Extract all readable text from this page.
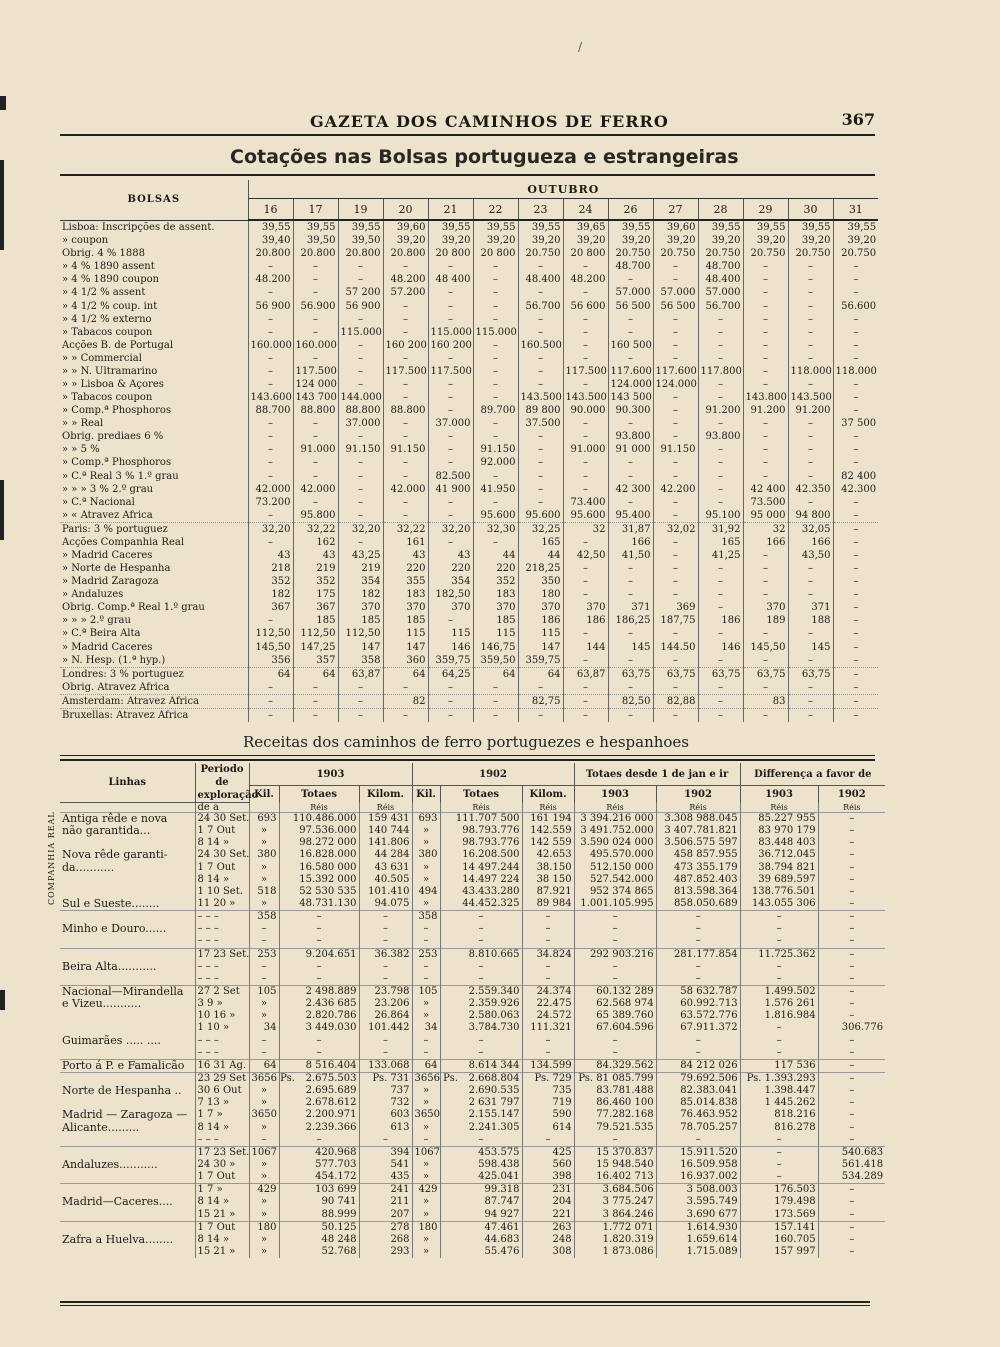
/
GAZETA DOS CAMINHOS DE FERRO	367
Cotações nas Bolsas portugueza e estrangeiras
BOLSAS	OUTUBRO													
	16	17	19	20	21	22	23	24	26	27	28	29	30	31
Lisboa: Inscripções de assent.	39,55	39,55	39,55	39,60	39,55	39,55	39,55	39,65	39,55	39,60	39,55	39,55	39,55	39,55
» coupon	39,40	39,50	39,50	39,20	39,20	39,20	39,20	39,20	39,20	39,20	39,20	39,20	39,20	39,20
Obrig. 4 % 1888	20.800	20.800	20.800	20.800	20 800	20 800	20.750	20 800	20.750	20.750	20.750	20.750	20.750	20.750
» 4 % 1890 assent	–	–	–	–	–	–	–	–	48.700	–	48.700	–	–	–
» 4 % 1890 coupon	48.200	–	–	48.200	48 400	–	48.400	48.200	–	–	48.400	–	–	–
» 4 1/2 % assent	–	–	57 200	57.200	–	–	–	–	57.000	57.000	57.000	–	–	–
» 4 1/2 % coup. int	56 900	56.900	56 900	–	–	–	56.700	56 600	56 500	56 500	56.700	–	–	56.600
» 4 1/2 % externo	–	–	–	–	–	–	–	–	–	–	–	–	–	–
» Tabacos coupon	–	–	115.000	–	115.000	115.000	–	–	–	–	–	–	–	–
Acções B. de Portugal	160.000	160.000	–	160 200	160 200	–	160.500	–	160 500	–	–	–	–	–
» » Commercial	–	–	–	–	–	–	–	–	–	–	–	–	–	–
» » N. Ultramarino	–	117.500	–	117.500	117.500	–	–	117.500	117.600	117.600	117.800	–	118.000	118.000
» » Lisboa & Açores	–	124 000	–	–	–	–	–	–	124.000	124.000	–	–	–	–
» Tabacos coupon	143.600	143 700	144.000	–	–	–	143.500	143.500	143 500	–	–	143.800	143.500	–
» Comp.ª Phosphoros	88.700	88.800	88.800	88.800	–	89.700	89 800	90.000	90.300	–	91.200	91.200	91.200	–
» » Real	–	–	37.000	–	37.000	–	37.500	–	–	–	–	–	–	37 500
Obrig. prediaes 6 %	–	–	–	–	–	–	–	–	93.800	–	93.800	–	–	–
» » 5 %	–	91.000	91.150	91.150	–	91.150	–	91.000	91 000	91.150	–	–	–	–
» Comp.ª Phosphoros	–	–	–	–	–	92.000	–	–	–	–	–	–	–	–
» C.ª Real 3 % 1.º grau	–	–	–	–	82.500	–	–	–	–	–	–	–	–	82 400
» » » 3 % 2.º grau	42.000	42.000	–	42.000	41 900	41.950	–	–	42 300	42.200	–	42 400	42.350	42.300
» C.ª Nacional	73.200	–	–	–	–	–	–	73.400	–	–	–	73.500	–	–
» « Atravez Africa	–	95.800	–	–	–	95.600	95.600	95.600	95.400	–	95.100	95 000	94 800	–
Paris: 3 % portuguez	32,20	32,22	32,20	32,22	32,20	32,30	32,25	32	31,87	32,02	31,92	32	32,05	–
Acções Companhia Real	–	162	–	161	–	–	165	–	166	–	165	166	166	–
» Madrid Caceres	43	43	43,25	43	43	44	44	42,50	41,50	–	41,25	–	43,50	–
» Norte de Hespanha	218	219	219	220	220	220	218,25	–	–	–	–	–	–	–
» Madrid Zaragoza	352	352	354	355	354	352	350	–	–	–	–	–	–	–
» Andaluzes	182	175	182	183	182,50	183	180	–	–	–	–	–	–	–
Obrig. Comp.ª Real 1.º grau	367	367	370	370	370	370	370	370	371	369	–	370	371	–
» » » 2.º grau	–	185	185	185	–	185	186	186	186,25	187,75	186	189	188	–
» C.ª Beira Alta	112,50	112,50	112,50	115	115	115	115	–	–	–	–	–	–	–
» Madrid Caceres	145,50	147,25	147	147	146	146,75	147	144	145	144.50	146	145,50	145	–
» N. Hesp. (1.ª hyp.)	356	357	358	360	359,75	359,50	359,75	–	–	–	–	–	–	–
Londres: 3 % portuguez	64	64	63,87	64	64,25	64	64	63,87	63,75	63,75	63,75	63,75	63,75	–
Obrig. Atravez Africa	–	–	–	–	–	–	–	–	–	–	–	–	–	–
Amsterdam: Atravez Africa	–	–	–	82	–	–	82,75	–	82,50	82,88	–	83	–	–
Bruxellas: Atravez Africa	–	–	–	–	–	–	–	–	–	–	–	–	–	–
Receitas dos caminhos de ferro portuguezes e hespanhoes
Linhas	Periodo de exploração	1903			1902			Totaes desde 1 de jan e ir		Differença a favor de	
		Kil.	Totaes	Kilom.	Kil.	Totaes	Kilom.	1903	1902	1903	1902

	de a		Réis	Réis		Réis	Réis	Réis	Réis	Réis	Réis
Antiga rêde e nova	24 30 Set.	693	110.486.000	159 431	693	111.707 500	161 194	3 394.216 000	3.308 988.045	85.227 955	–
não garantida...	1 7 Out	»	97.536.000	140 744	»	98.793.776	142.559	3 491.752.000	3 407.781.821	83 970 179	–
	8 14 »	»	98.272 000	141.806	»	98.793.776	142 559	3.590 024 000	3.506.575 597	83.448 403	–
Nova rêde garanti-	24 30 Set.	380	16.828.000	44 284	380	16.208.500	42.653	495.570.000	458 857.955	36.712.045	–
da...........	1 7 Out	»	16.580 000	43 631	»	14 497.244	38.150	512.150 000	473 355.179	38.794 821	–
	8 14 »	»	15.392 000	40.505	»	14.497 224	38 150	527.542.000	487.852.403	39 689.597	–
	1 10 Set.	518	52 530 535	101.410	494	43.433.280	87.921	952 374 865	813.598.364	138.776.501	–
Sul e Sueste........	11 20 »	»	48.731.130	94.075	»	44.452.325	89 984	1.001.105.995	858.050.689	143.055 306	–
	– – –	358	–	–	358	–	–	–	–	–	–
Minho e Douro......	– – –	–	–	–	–	–	–	–	–	–	–
	– – –	–	–	–	–	–	–	–	–	–	–
	17 23 Set.	253	9.204.651	36.382	253	8.810.665	34.824	292 903.216	281.177.854	11.725.362	–
Beira Alta...........	– – –	–	–	–	–	–	–	–	–	–	–
	– – –	–	–	–	–	–	–	–	–	–	–
Nacional—Mirandella	27 2 Set	105	2 498.889	23.798	105	2.559.340	24.374	60.132 289	58 632.787	1.499.502	–
e Vizeu...........	3 9 »	»	2.436 685	23.206	»	2.359.926	22.475	62.568 974	60.992.713	1.576 261	–
	10 16 »	»	2.820.786	26.864	»	2.580.063	24.572	65 389.760	63.572.776	1.816.984	–
	1 10 »	34	3 449.030	101.442	34	3.784.730	111.321	67.604.596	67.911.372	–	306.776
Guimarães ..... ....	– – –	–	–	–	–	–	–	–	–	–	–
	– – –	–	–	–	–	–	–	–	–	–	–
Porto á P. e Famalicão	16 31 Ag.	64	8 516.404	133.068	64	8.614 344	134.599	84.329.562	84 212 026	117 536	–
	23 29 Set	3656 Ps.	2.675.503	Ps. 731	3656 Ps.	2.668.804	Ps. 729	Ps. 81 085.799	79.692.506	Ps. 1.393.293	–
Norte de Hespanha ..	30 6 Out	»	2.695.689	737	»	2.690.535	735	83.781.488	82.383.041	1.398.447	–
	7 13 »	»	2.678.612	732	»	2 631 797	719	86.460 100	85.014.838	1 445.262	–
Madrid — Zaragoza —	1 7 »	3650	2.200.971	603	3650	2.155.147	590	77.282.168	76.463.952	818.216	–
Alicante.........	8 14 »	»	2.239.366	613	»	2.241.305	614	79.521.535	78.705.257	816.278	–
	– – –	–	–	–	–	–	–	–	–	–	–
	17 23 Set.	1067	420.968	394	1067	453.575	425	15 370.837	15.911.520	–	540.683
Andaluzes...........	24 30 »	»	577.703	541	»	598.438	560	15 948.540	16.509.958	–	561.418
	1 7 Out	»	454.172	435	»	425.041	398	16.402 713	16.937.002	–	534.289
	1 7 »	429	103 699	241	429	99.318	231	3.684.506	3 508.003	176.503	–
Madrid—Caceres....	8 14 »	»	90 741	211	»	87.747	204	3 775.247	3.595.749	179.498	–
	15 21 »	»	88.999	207	»	94 927	221	3 864.246	3.690 677	173.569	–
	1 7 Out	180	50.125	278	180	47.461	263	1.772 071	1.614.930	157.141	–
Zafra a Huelva........	8 14 »	»	48 248	268	»	44.683	248	1.820.319	1.659.614	160.705	–
	15 21 »	»	52.768	293	»	55.476	308	1 873.086	1.715.089	157 997	–
COMPANHIA REAL
